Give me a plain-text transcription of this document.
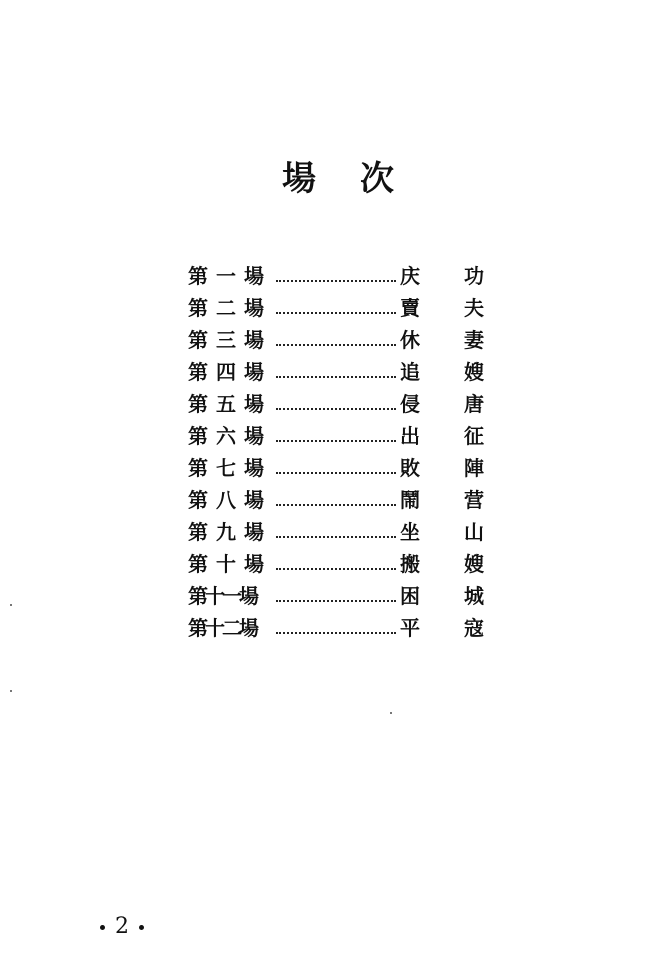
場 次
第一場	庆 功
第二場	賣 夫
第三場	休 妻
第四場	追 嫂
第五場	侵 唐
第六場	出 征
第七場	敗 陣
第八場	鬧 营
第九場	坐 山
第十場	搬 嫂
第十一場	困 城
第十二場	平 寇
2
